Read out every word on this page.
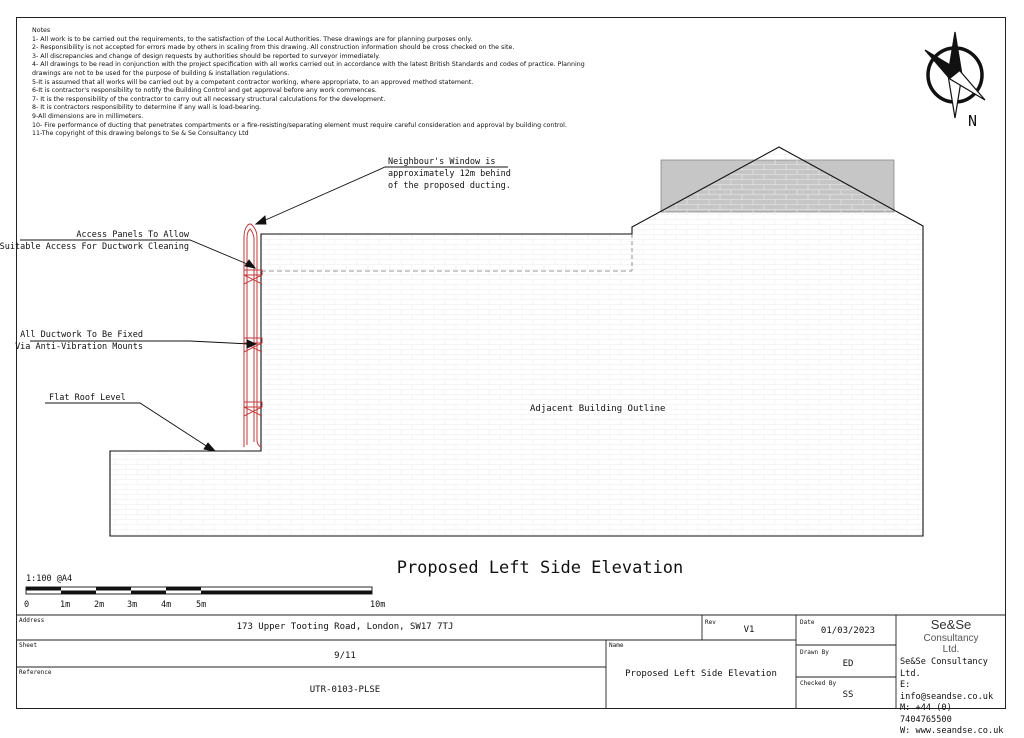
Notes
1- All work is to be carried out the requirements, to the satisfaction of the Local Authorities. These drawings are for planning purposes only.
2- Responsibility is not accepted for errors made by others in scaling from this drawing. All construction information should be cross checked on the site.
3- All discrepancies and change of design requests by authorities should be reported to surveyor immediately.
4- All drawings to be read in conjunction with the project specification with all works carried out in accordance with the latest British Standards and codes of practice. Planning drawings are not to be used for the purpose of building & installation regulations.
5-It is assumed that all works will be carried out by a competent contractor working, where appropriate, to an approved method statement.
6-It is contractor's responsibility to notify the Building Control and get approval before any work commences.
7- It is the responsibility of the contractor to carry out all necessary structural calculations for the development.
8- It is contractors responsibility to determine if any wall is load-bearing.
9-All dimensions are in millimeters.
10- Fire performance of ducting that penetrates compartments or a fire-resisting/separating element must require careful consideration and approval by building control.
11-The copyright of this drawing belongs to Se & Se Consultancy Ltd
N
Neighbour's Window is
approximately 12m behind
of the proposed ducting.
Access Panels To Allow
Suitable Access For Ductwork Cleaning
All Ductwork To Be Fixed
Via Anti-Vibration Mounts
Flat Roof Level
Adjacent Building Outline
1:100 @A4
0	1m	2m	3m	4m	5m	10m
Proposed Left Side Elevation
Address
173 Upper Tooting Road, London, SW17 7TJ	Rev
V1
Date
01/03/2023
Sheet
9/11
Name
Proposed Left Side Elevation
Drawn By
ED
Reference
UTR-0103-PLSE
Checked By
SS
Se&Se
Consultancy
Ltd.
Se&Se Consultancy Ltd.
E: info@seandse.co.uk
M: +44 (0) 7404765500
W: www.seandse.co.uk
